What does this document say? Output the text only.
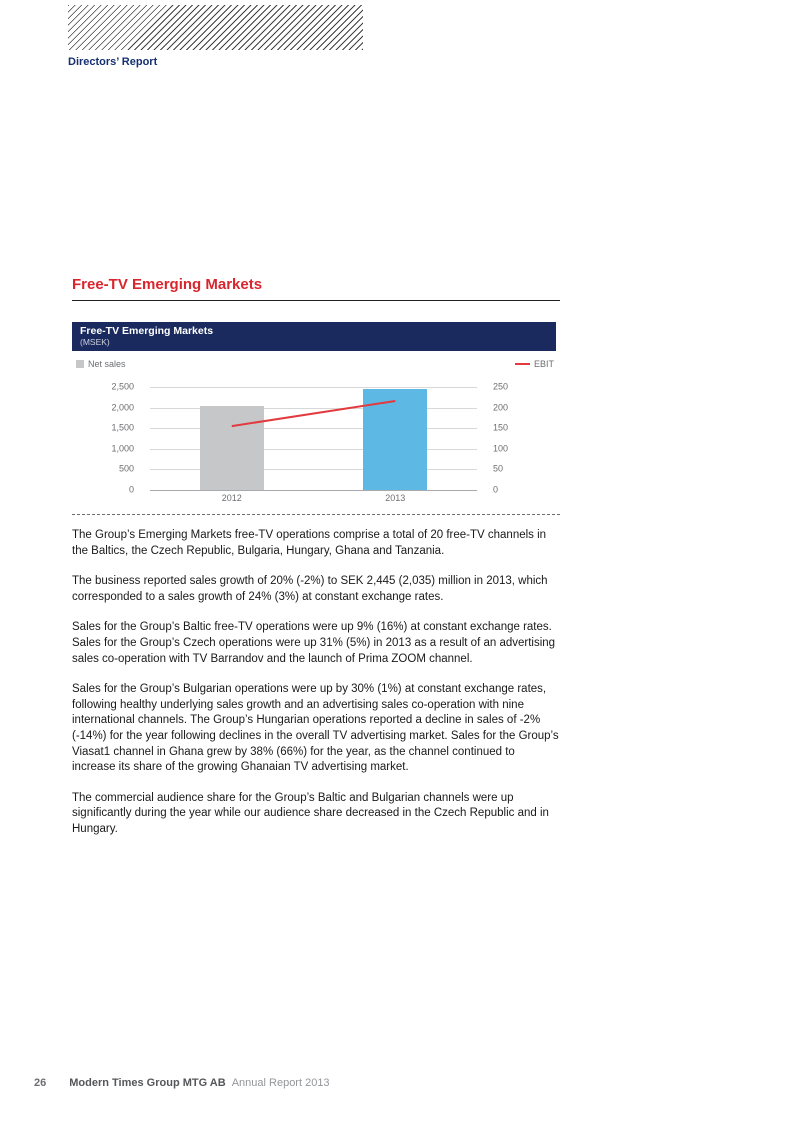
Directors’ Report
Free-TV Emerging Markets
Free-TV Emerging Markets
(MSEK)
Net sales	EBIT
2,500
2,000
1,500
1,000
500
0
250
200
150
100
50
0
2012	2013

The Group’s Emerging Markets free-TV operations comprise a total of 20 free-TV channels in the Baltics, the Czech Republic, Bulgaria, Hungary, Ghana and Tanzania.

The business reported sales growth of 20% (-2%) to SEK 2,445 (2,035) million in 2013, which corresponded to a sales growth of 24% (3%) at constant exchange rates.

Sales for the Group’s Baltic free-TV operations were up 9% (16%) at constant exchange rates. Sales for the Group’s Czech operations were up 31% (5%) in 2013 as a result of an advertising sales co-operation with TV Barrandov and the launch of Prima ZOOM channel.

Sales for the Group’s Bulgarian operations were up by 30% (1%) at constant exchange rates, following healthy underlying sales growth and an advertising sales co-operation with nine international channels. The Group’s Hungarian operations reported a decline in sales of -2% (-14%) for the year following declines in the overall TV advertising market. Sales for the Group’s Viasat1 channel in Ghana grew by 38% (66%) for the year, as the channel continued to increase its share of the growing Ghanaian TV advertising market.

The commercial audience share for the Group’s Baltic and Bulgarian channels were up significantly during the year while our audience share decreased in the Czech Republic and in Hungary.

26 Modern Times Group MTG AB Annual Report 2013
